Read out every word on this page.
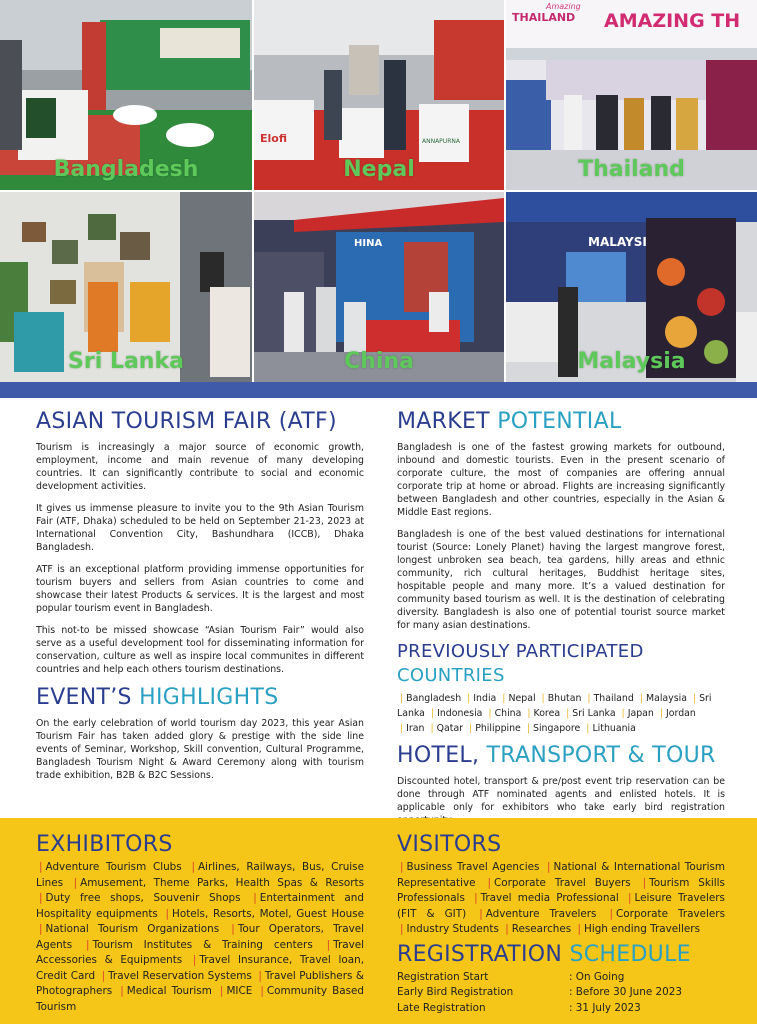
Bangladesh
Elofi	ANNAPURNA
Nepal
Amazing
THAILAND AMAZING TH
Thailand
Sri Lanka
HINA
China
MALAYSI
Malaysia
ASIAN TOURISM FAIR (ATF)

Tourism is increasingly a major source of economic growth, employment, income and main revenue of many developing countries. It can significantly contribute to social and economic development activities.

It gives us immense pleasure to invite you to the 9th Asian Tourism Fair (ATF, Dhaka) scheduled to be held on September 21-23, 2023 at International Convention City, Bashundhara (ICCB), Dhaka Bangladesh.

ATF is an exceptional platform providing immense opportunities for tourism buyers and sellers from Asian countries to come and showcase their latest Products & services. It is the largest and most popular tourism event in Bangladesh.

This not-to be missed showcase “Asian Tourism Fair” would also serve as a useful development tool for disseminating information for conservation, culture as well as inspire local communites in different countries and help each others tourism destinations.

EVENT’S HIGHLIGHTS

On the early celebration of world tourism day 2023, this year Asian Tourism Fair has taken added glory & prestige with the side line events of Seminar, Workshop, Skill convention, Cultural Programme, Bangladesh Tourism Night & Award Ceremony along with tourism trade exhibition, B2B & B2C Sessions.

MARKET POTENTIAL

Bangladesh is one of the fastest growing markets for outbound, inbound and domestic tourists. Even in the present scenario of corporate culture, the most of companies are offering annual corporate trip at home or abroad. Flights are increasing significantly between Bangladesh and other countries, especially in the Asian & Middle East regions.

Bangladesh is one of the best valued destinations for international tourist (Source: Lonely Planet) having the largest mangrove forest, longest unbroken sea beach, tea gardens, hilly areas and ethnic community, rich cultural heritages, Buddhist heritage sites, hospitable people and many more. It’s a valued destination for community based tourism as well. It is the destination of celebrating diversity. Bangladesh is also one of potential tourist source market for many asian destinations.

PREVIOUSLY PARTICIPATED COUNTRIES
| Bangladesh | India | Nepal | Bhutan | Thailand | Malaysia | Sri Lanka | Indonesia | China | Korea | Sri Lanka | Japan | Jordan | Iran | Qatar | Philippine | Singapore | Lithuania
HOTEL, TRANSPORT & TOUR

Discounted hotel, transport & pre/post event trip reservation can be done through ATF nominated agents and enlisted hotels. It is applicable only for exhibitors who take early bird registration

EXHIBITORS
| Adventure Tourism Clubs | Airlines, Railways, Bus, Cruise Lines | Amusement, Theme Parks, Health Spas & Resorts | Duty free shops, Souvenir Shops | Entertainment and Hospitality equipments | Hotels, Resorts, Motel, Guest House | National Tourism Organizations | Tour Operators, Travel Agents | Tourism Institutes & Training centers | Travel Accessories & Equipments | Travel Insurance, Travel loan, Credit Card | Travel Reservation Systems | Travel Publishers & Photographers | Medical Tourism | MICE | Community Based Tourism
VISITORS
| Business Travel Agencies | National & International Tourism Representative | Corporate Travel Buyers | Tourism Skills Professionals | Travel media Professional | Leisure Travelers (FIT & GIT) | Adventure Travelers | Corporate Travelers | Industry Students | Researches | High ending Travellers
REGISTRATION SCHEDULE
Registration Start	: On Going
Early Bird Registration	: Before 30 June 2023
Late Registration	: 31 July 2023
